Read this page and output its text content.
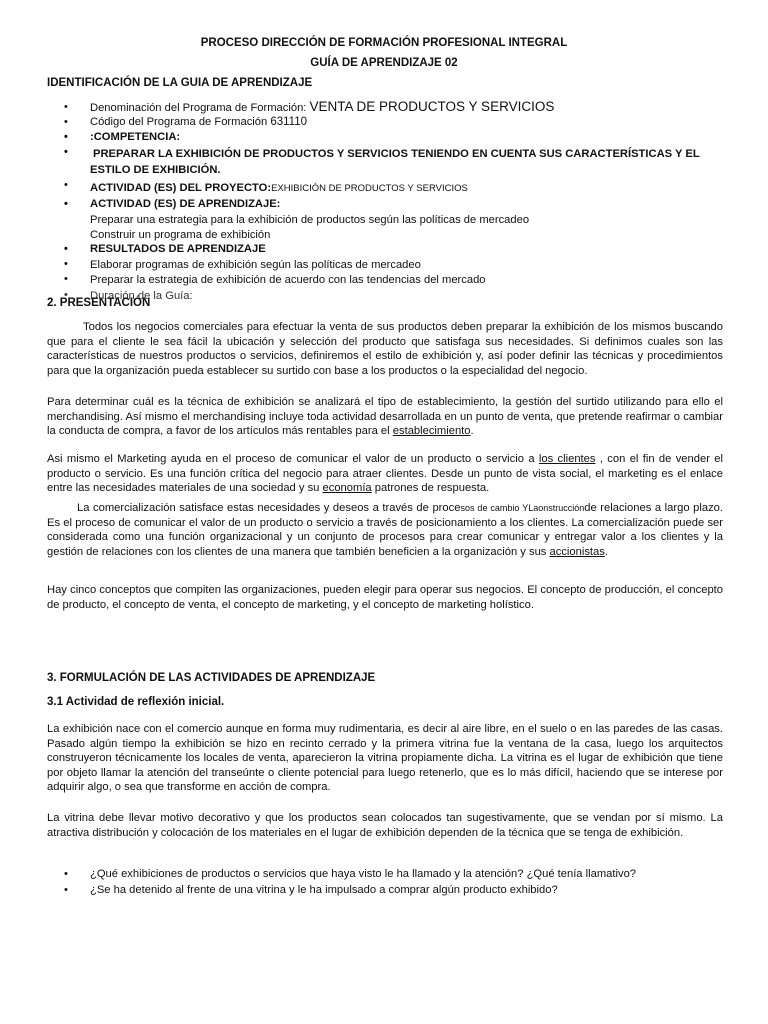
PROCESO DIRECCIÓN DE FORMACIÓN PROFESIONAL INTEGRAL
GUÍA DE APRENDIZAJE 02
IDENTIFICACIÓN DE LA GUIA DE APRENDIZAJE
• Denominación del Programa de Formación: VENTA DE PRODUCTOS Y SERVICIOS
• Código del Programa de Formación 631110
• :COMPETENCIA:
• PREPARAR LA EXHIBICIÓN DE PRODUCTOS Y SERVICIOS TENIENDO EN CUENTA SUS CARACTERÍSTICAS Y EL ESTILO DE EXHIBICIÓN.
• ACTIVIDAD (ES) DEL PROYECTO:EXHIBICIÓN DE PRODUCTOS Y SERVICIOS
• ACTIVIDAD (ES) DE APRENDIZAJE:
Preparar una estrategia para la exhibición de productos según las políticas de mercadeo
Construir un programa de exhibición
• RESULTADOS DE APRENDIZAJE
• Elaborar programas de exhibición según las políticas de mercadeo
• Preparar la estrategia de exhibición de acuerdo con las tendencias del mercado
• Duración de la Guía:
2. PRESENTACIÓN

Todos los negocios comerciales para efectuar la venta de sus productos deben preparar la exhibición de los mismos buscando que para el cliente le sea fácil la ubicación y selección del producto que satisfaga sus necesidades. Si definimos cuales son las características de nuestros productos o servicios, definiremos el estilo de exhibición y, así poder definir las técnicas y procedimientos para que la organización pueda establecer su surtido con base a los productos o la especialidad del negocio.

Para determinar cuál es la técnica de exhibición se analizará el tipo de establecimiento, la gestión del surtido utilizando para ello el merchandising. Así mismo el merchandising incluye toda actividad desarrollada en un punto de venta, que pretende reafirmar o cambiar la conducta de compra, a favor de los artículos más rentables para el establecimiento.

Asi mismo el Marketing ayuda en el proceso de comunicar el valor de un producto o servicio a los clientes , con el fin de vender el producto o servicio. Es una función crítica del negocio para atraer clientes. Desde un punto de vista social, el marketing es el enlace entre las necesidades materiales de una sociedad y su economía patrones de respuesta.

La comercialización satisface estas necesidades y deseos a través de procesos de cambio YLaonstrucciónde relaciones a largo plazo. Es el proceso de comunicar el valor de un producto o servicio a través de posicionamiento a los clientes. La comercialización puede ser considerada como una función organizacional y un conjunto de procesos para crear comunicar y entregar valor a los clientes y la gestión de relaciones con los clientes de una manera que también beneficien a la organización y sus accionistas.

Hay cinco conceptos que compiten las organizaciones, pueden elegir para operar sus negocios. El concepto de producción, el concepto de producto, el concepto de venta, el concepto de marketing, y el concepto de marketing holístico.

3. FORMULACIÓN DE LAS ACTIVIDADES DE APRENDIZAJE
3.1 Actividad de reflexión inicial.

La exhibición nace con el comercio aunque en forma muy rudimentaria, es decir al aire libre, en el suelo o en las paredes de las casas. Pasado algún tiempo la exhibición se hizo en recinto cerrado y la primera vitrina fue la ventana de la casa, luego los arquitectos construyeron técnicamente los locales de venta, aparecieron la vitrina propiamente dicha. La vitrina es el lugar de exhibición que tiene por objeto llamar la atención del transeúnte o cliente potencial para luego retenerlo, que es lo más difícil, haciendo que se interese por adquirir algo, o sea que transforme en acción de compra.

La vitrina debe llevar motivo decorativo y que los productos sean colocados tan sugestivamente, que se vendan por sí mismo. La atractiva distribución y colocación de los materiales en el lugar de exhibición dependen de la técnica que se tenga de exhibición.

• ¿Qué exhibiciones de productos o servicios que haya visto le ha llamado y la atención? ¿Qué tenía llamativo?
• ¿Se ha detenido al frente de una vitrina y le ha impulsado a comprar algún producto exhibido?
